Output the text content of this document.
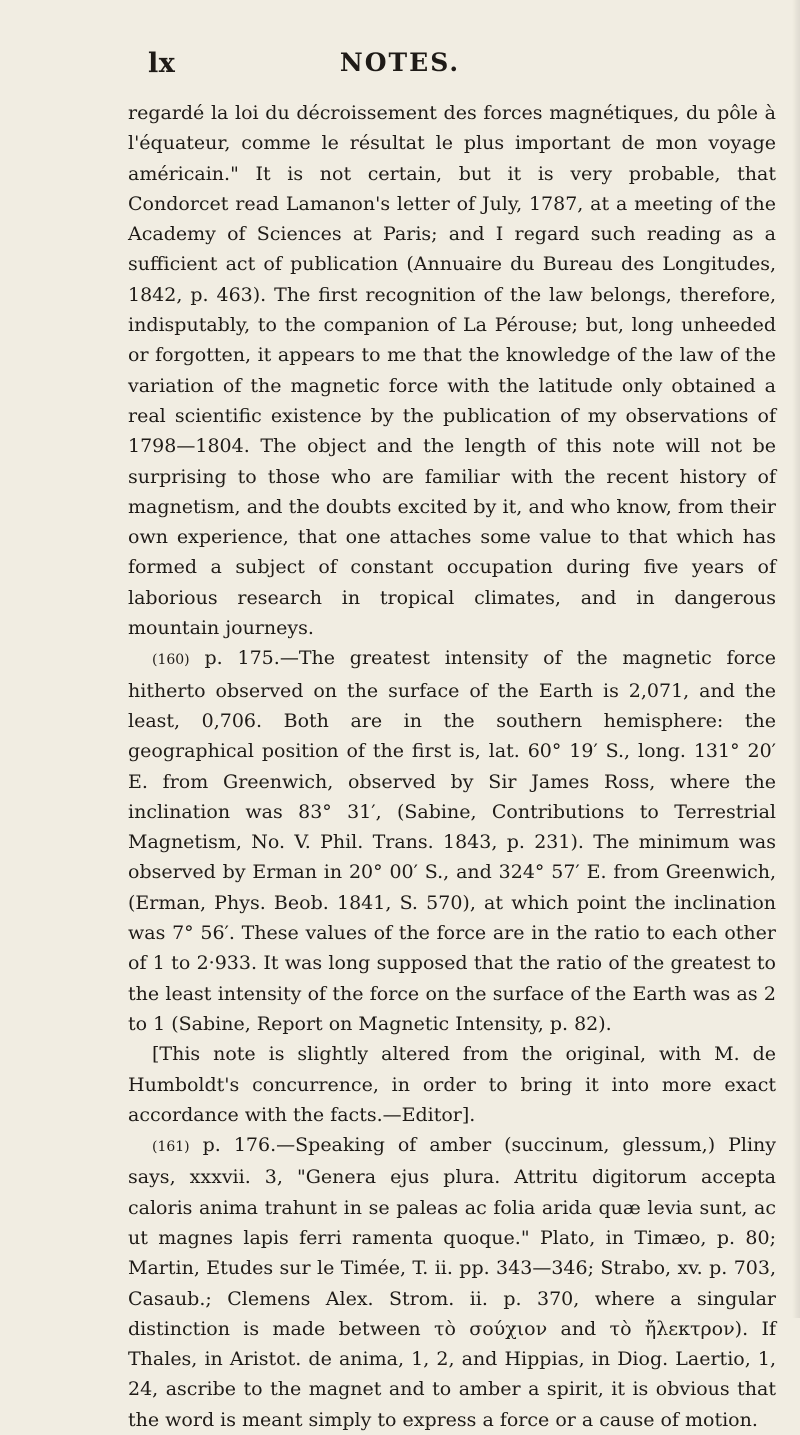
lx	NOTES.

regardé la loi du décroissement des forces magnétiques, du pôle à l'équateur, comme le résultat le plus important de mon voyage américain." It is not certain, but it is very probable, that Condorcet read Lamanon's letter of July, 1787, at a meeting of the Academy of Sciences at Paris; and I regard such reading as a sufficient act of publication (Annuaire du Bureau des Longitudes, 1842, p. 463). The first recognition of the law belongs, therefore, indisputably, to the companion of La Pérouse; but, long unheeded or forgotten, it appears to me that the knowledge of the law of the variation of the magnetic force with the latitude only obtained a real scientific existence by the publication of my observations of 1798—1804. The object and the length of this note will not be surprising to those who are familiar with the recent history of magnetism, and the doubts excited by it, and who know, from their own experience, that one attaches some value to that which has formed a subject of constant occupation during five years of laborious research in tropical climates, and in dangerous mountain journeys.

(160) p. 175.—The greatest intensity of the magnetic force hitherto observed on the surface of the Earth is 2,071, and the least, 0,706. Both are in the southern hemisphere: the geographical position of the first is, lat. 60° 19′ S., long. 131° 20′ E. from Greenwich, observed by Sir James Ross, where the inclination was 83° 31′, (Sabine, Contributions to Terrestrial Magnetism, No. V. Phil. Trans. 1843, p. 231). The minimum was observed by Erman in 20° 00′ S., and 324° 57′ E. from Greenwich, (Erman, Phys. Beob. 1841, S. 570), at which point the inclination was 7° 56′. These values of the force are in the ratio to each other of 1 to 2·933. It was long supposed that the ratio of the greatest to the least intensity of the force on the surface of the Earth was as 2 to 1 (Sabine, Report on Magnetic Intensity, p. 82).

[This note is slightly altered from the original, with M. de Humboldt's concurrence, in order to bring it into more exact accordance with the facts.—Editor].

(161) p. 176.—Speaking of amber (succinum, glessum,) Pliny says, xxxvii. 3, "Genera ejus plura. Attritu digitorum accepta caloris anima trahunt in se paleas ac folia arida quæ levia sunt, ac ut magnes lapis ferri ramenta quoque." Plato, in Timæo, p. 80; Martin, Etudes sur le Timée, T. ii. pp. 343—346; Strabo, xv. p. 703, Casaub.; Clemens Alex. Strom. ii. p. 370, where a singular distinction is made between τὸ σούχιον and τὸ ἤλεκτρον). If Thales, in Aristot. de anima, 1, 2, and Hippias, in Diog. Laertio, 1, 24, ascribe to the magnet and to amber a spirit, it is obvious that the word is meant simply to express a force or a cause of motion.
